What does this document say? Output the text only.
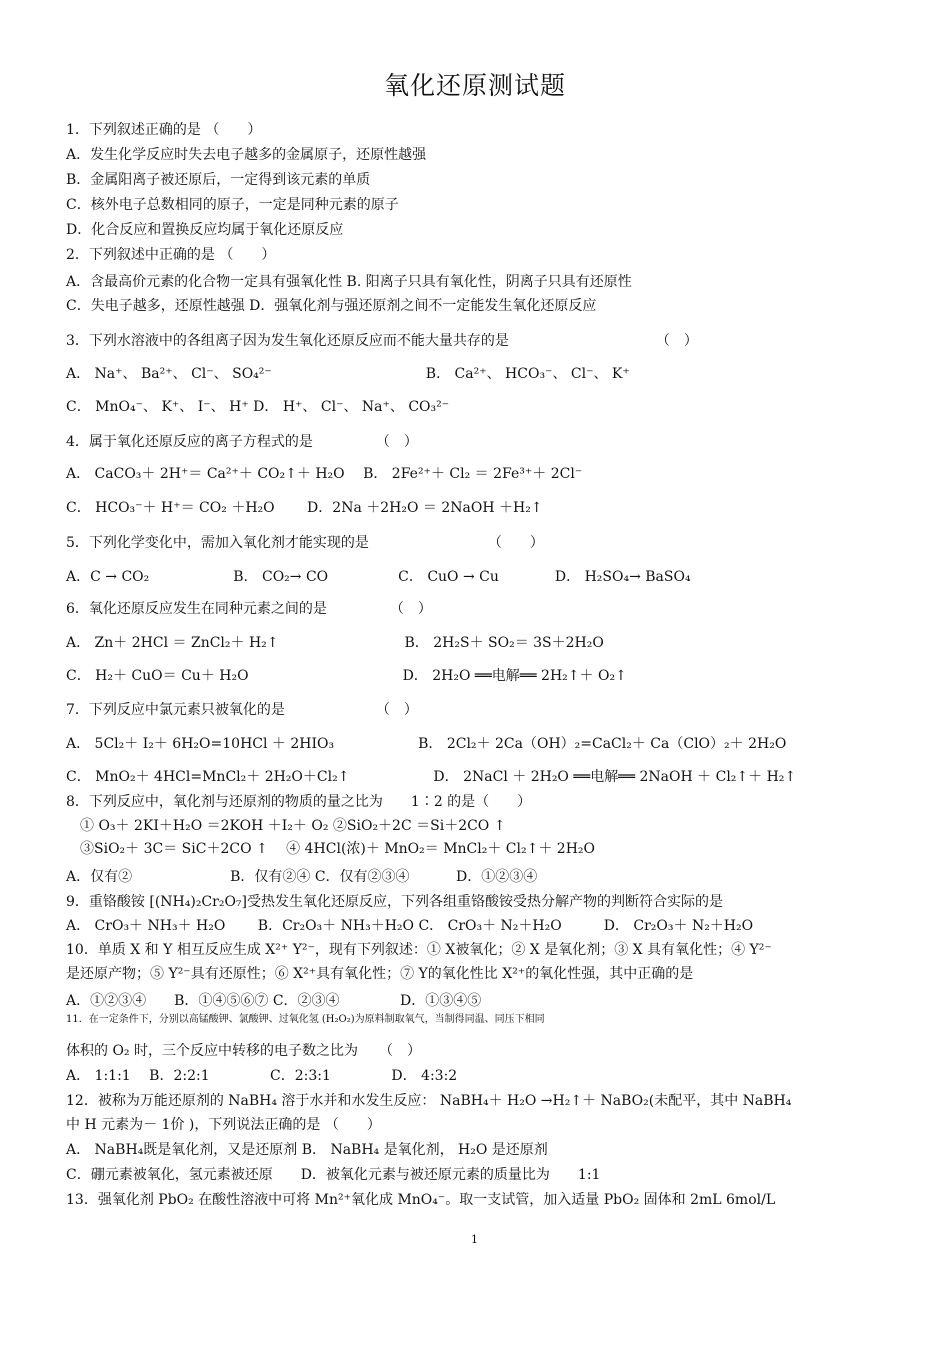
氧化还原测试题
1．下列叙述正确的是 （　　）
A．发生化学反应时失去电子越多的金属原子，还原性越强
B．金属阳离子被还原后，一定得到该元素的单质
C．核外电子总数相同的原子，一定是同种元素的原子
D．化合反应和置换反应均属于氧化还原反应
2．下列叙述中正确的是 （　　）
A．含最高价元素的化合物一定具有强氧化性 B. 阳离子只具有氧化性，阴离子只具有还原性
C．失电子越多，还原性越强 D．强氧化剂与强还原剂之间不一定能发生氧化还原反应
3．下列水溶液中的各组离子因为发生氧化还原反应而不能大量共存的是　　　　　　　　　　　（　）
A． Na⁺、 Ba²⁺、 Cl⁻、 SO₄²⁻　　　　　　　　　　　B． Ca²⁺、 HCO₃⁻、 Cl⁻、 K⁺
C． MnO₄⁻、 K⁺、 I⁻、 H⁺ D． H⁺、 Cl⁻、 Na⁺、 CO₃²⁻
4．属于氧化还原反应的离子方程式的是　　　　　（　）
A． CaCO₃＋ 2H⁺＝ Ca²⁺＋ CO₂↑＋ H₂O　 B． 2Fe²⁺＋ Cl₂ ＝ 2Fe³⁺＋ 2Cl⁻
C． HCO₃⁻＋ H⁺＝ CO₂ ＋H₂O　　 D．2Na ＋2H₂O ＝ 2NaOH ＋H₂↑
5．下列化学变化中，需加入氧化剂才能实现的是　　　　　　　　　（　　）
A．C → CO₂　　　　　　B． CO₂→ CO　　　　　C． CuO → Cu　　　　D． H₂SO₄→ BaSO₄
6．氧化还原反应发生在同种元素之间的是　　　　　（　）
A． Zn＋ 2HCl ＝ ZnCl₂＋ H₂↑　　　　　　　　　B． 2H₂S＋ SO₂＝ 3S＋2H₂O
C． H₂＋ CuO＝ Cu＋ H₂O　　　　　　　　　　　D． 2H₂O ══电解══ 2H₂↑＋ O₂↑
7．下列反应中氯元素只被氧化的是　　　　　　　（　）
A． 5Cl₂＋ I₂＋ 6H₂O=10HCl ＋ 2HIO₃　　　　　　B． 2Cl₂＋ 2Ca（OH）₂=CaCl₂＋ Ca（ClO）₂＋ 2H₂O
C． MnO₂＋ 4HCl=MnCl₂＋ 2H₂O＋Cl₂↑　　　　　　D． 2NaCl ＋ 2H₂O ══电解══ 2NaOH ＋ Cl₂↑＋ H₂↑
8．下列反应中，氧化剂与还原剂的物质的量之比为　　1∶2 的是（　　）
　① O₃＋ 2KI＋H₂O ＝2KOH ＋I₂＋ O₂ ②SiO₂＋2C ＝Si＋2CO ↑
　③SiO₂＋ 3C＝ SiC＋2CO ↑　 ④ 4HCl(浓)＋ MnO₂＝ MnCl₂＋ Cl₂↑＋ 2H₂O
A．仅有②　　　　　　　B．仅有②④ C．仅有②③④　　　 D．①②③④
9．重铬酸铵 [(NH₄)₂Cr₂O₇]受热发生氧化还原反应，下列各组重铬酸铵受热分解产物的判断符合实际的是
A． CrO₃＋ NH₃＋ H₂O　　 B．Cr₂O₃＋ NH₃＋H₂O C． CrO₃＋ N₂＋H₂O　　　D． Cr₂O₃＋ N₂＋H₂O
10．单质 X 和 Y 相互反应生成 X²⁺ Y²⁻，现有下列叙述：① X被氧化；② X 是氧化剂；③ X 具有氧化性；④ Y²⁻
是还原产物；⑤ Y²⁻具有还原性；⑥ X²⁺具有氧化性；⑦ Y的氧化性比 X²⁺的氧化性强，其中正确的是
A．①②③④　　B．①④⑤⑥⑦ C．②③④　　　　 D．①③④⑤
11．在一定条件下，分别以高锰酸钾、氯酸钾、过氧化氢 (H₂O₂)为原料制取氧气，当制得同温、同压下相同
体积的 O₂ 时，三个反应中转移的电子数之比为　　（　）
A． 1:1:1　 B．2:2:1　　　　 C．2:3:1　　　　 D． 4:3:2
12．被称为万能还原剂的 NaBH₄ 溶于水并和水发生反应： NaBH₄＋ H₂O →H₂↑＋ NaBO₂(未配平，其中 NaBH₄
中 H 元素为－ 1价 )，下列说法正确的是 （　　）
A． NaBH₄既是氧化剂，又是还原剂 B． NaBH₄ 是氧化剂， H₂O 是还原剂
C．硼元素被氧化，氢元素被还原　　D．被氧化元素与被还原元素的质量比为　　1:1
13．强氧化剂 PbO₂ 在酸性溶液中可将 Mn²⁺氧化成 MnO₄⁻。取一支试管，加入适量 PbO₂ 固体和 2mL 6mol/L
1
